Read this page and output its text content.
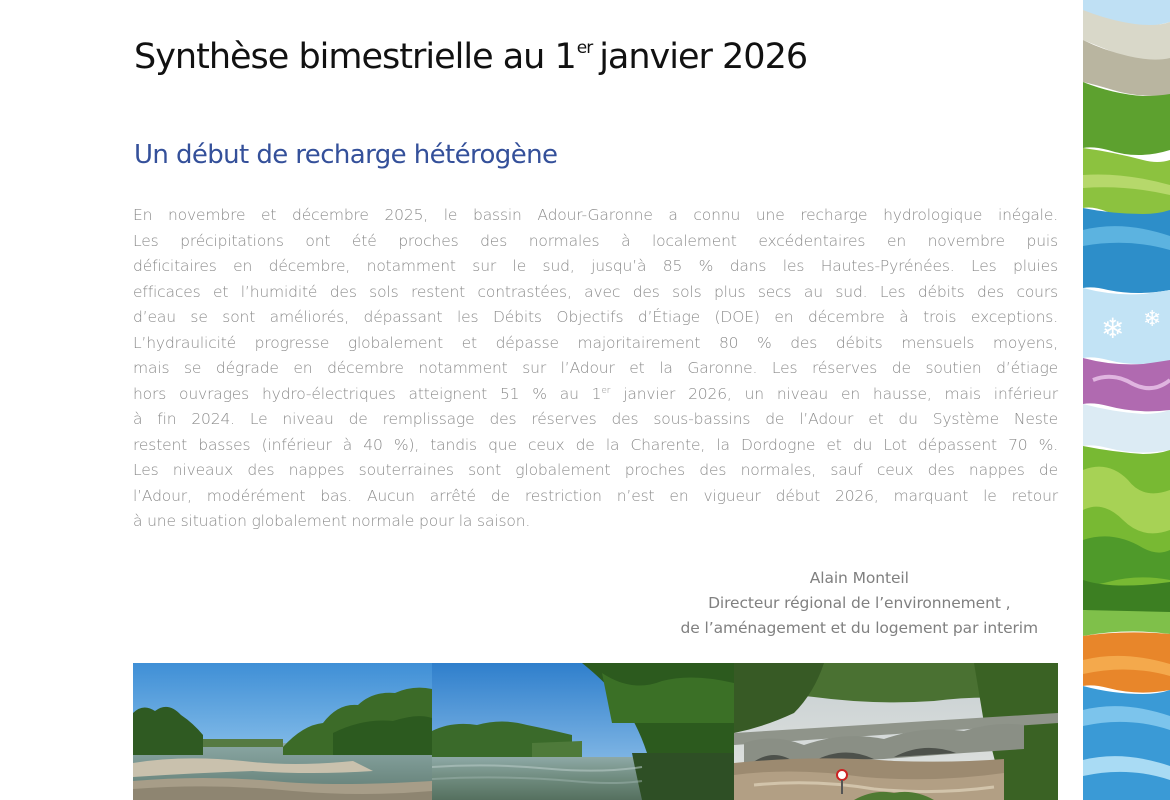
Synthèse bimestrielle au 1er janvier 2026
Un début de recharge hétérogène
En novembre et décembre 2025, le bassin Adour-Garonne a connu une recharge hydrologique inégale.
Les précipitations ont été proches des normales à localement excédentaires en novembre puis
déficitaires en décembre, notamment sur le sud, jusqu’à 85 % dans les Hautes-Pyrénées. Les pluies
efficaces et l’humidité des sols restent contrastées, avec des sols plus secs au sud. Les débits des cours
d’eau se sont améliorés, dépassant les Débits Objectifs d’Étiage (DOE) en décembre à trois exceptions.
L’hydraulicité progresse globalement et dépasse majoritairement 80 % des débits mensuels moyens,
mais se dégrade en décembre notamment sur l’Adour et la Garonne. Les réserves de soutien d’étiage
hors ouvrages hydro-électriques atteignent 51 % au 1er janvier 2026, un niveau en hausse, mais inférieur
à fin 2024. Le niveau de remplissage des réserves des sous-bassins de l’Adour et du Système Neste
restent basses (inférieur à 40 %), tandis que ceux de la Charente, la Dordogne et du Lot dépassent 70 %.
Les niveaux des nappes souterraines sont globalement proches des normales, sauf ceux des nappes de
l’Adour, modérément bas. Aucun arrêté de restriction n’est en vigueur début 2026, marquant le retour
à une situation globalement normale pour la saison.
Alain Monteil
Directeur régional de l’environnement ,
de l’aménagement et du logement par interim
❄ ❄
